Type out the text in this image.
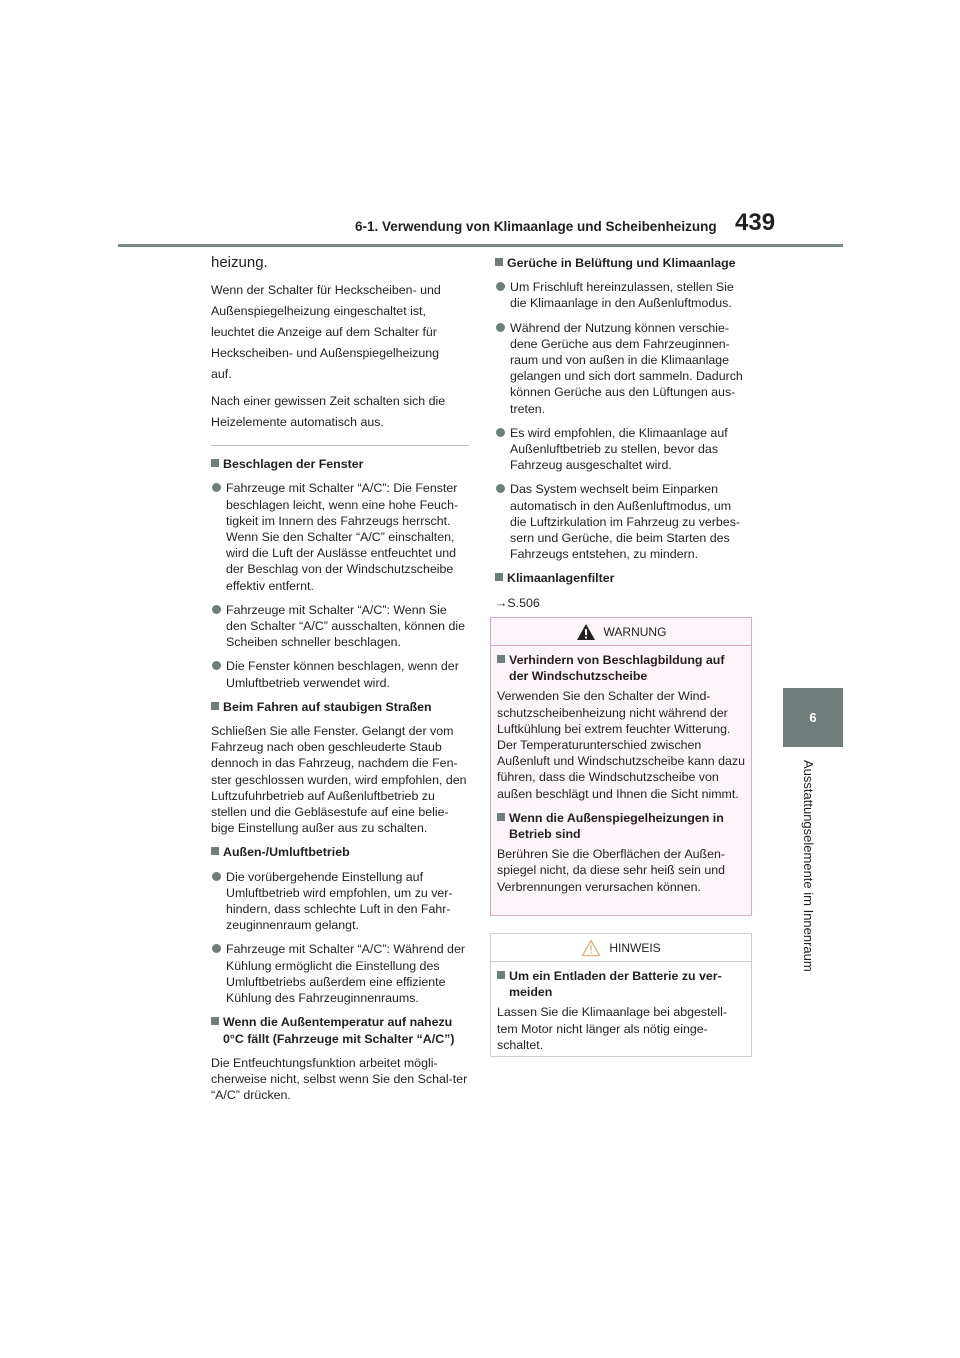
6-1. Verwendung von Klimaanlage und Scheibenheizung 439
6
Ausstattungselemente im Innenraum
heizung.
Wenn der Schalter für Heckscheiben- und
Außenspiegelheizung eingeschaltet ist,
leuchtet die Anzeige auf dem Schalter für
Heckscheiben- und Außenspiegelheizung
auf.
Nach einer gewissen Zeit schalten sich die
Heizelemente automatisch aus.
Beschlagen der Fenster
Fahrzeuge mit Schalter “A/C”: Die Fenster beschlagen leicht, wenn eine hohe Feuch-tigkeit im Innern des Fahrzeugs herrscht. Wenn Sie den Schalter “A/C” einschalten, wird die Luft der Auslässe entfeuchtet und der Beschlag von der Windschutzscheibe effektiv entfernt.
Fahrzeuge mit Schalter “A/C”: Wenn Sie den Schalter “A/C” ausschalten, können die Scheiben schneller beschlagen.
Die Fenster können beschlagen, wenn der Umluftbetrieb verwendet wird.
Beim Fahren auf staubigen Straßen
Schließen Sie alle Fenster. Gelangt der vom Fahrzeug nach oben geschleuderte Staub dennoch in das Fahrzeug, nachdem die Fen-ster geschlossen wurden, wird empfohlen, den Luftzufuhrbetrieb auf Außenluftbetrieb zu stellen und die Gebläsestufe auf eine belie-bige Einstellung außer aus zu schalten.
Außen-/Umluftbetrieb
Die vorübergehende Einstellung auf Umluftbetrieb wird empfohlen, um zu ver-hindern, dass schlechte Luft in den Fahr-zeuginnenraum gelangt.
Fahrzeuge mit Schalter “A/C”: Während der Kühlung ermöglicht die Einstellung des Umluftbetriebs außerdem eine effiziente Kühlung des Fahrzeuginnenraums.
Wenn die Außentemperatur auf nahezu 0°C fällt (Fahrzeuge mit Schalter “A/C”)
Die Entfeuchtungsfunktion arbeitet mögli-cherweise nicht, selbst wenn Sie den Schal-ter “A/C” drücken.
Gerüche in Belüftung und Klimaanlage
Um Frischluft hereinzulassen, stellen Sie die Klimaanlage in den Außenluftmodus.
Während der Nutzung können verschie-dene Gerüche aus dem Fahrzeuginnen-raum und von außen in die Klimaanlage gelangen und sich dort sammeln. Dadurch können Gerüche aus den Lüftungen aus-treten.
Es wird empfohlen, die Klimaanlage auf Außenluftbetrieb zu stellen, bevor das Fahrzeug ausgeschaltet wird.
Das System wechselt beim Einparken automatisch in den Außenluftmodus, um die Luftzirkulation im Fahrzeug zu verbes-sern und Gerüche, die beim Starten des Fahrzeugs entstehen, zu mindern.
Klimaanlagenfilter
→S.506
WARNUNG
Verhindern von Beschlagbildung auf der Windschutzscheibe
Verwenden Sie den Schalter der Wind-schutzscheibenheizung nicht während der Luftkühlung bei extrem feuchter Witterung. Der Temperaturunterschied zwischen Außenluft und Windschutzscheibe kann dazu führen, dass die Windschutzscheibe von außen beschlägt und Ihnen die Sicht nimmt.
Wenn die Außenspiegelheizungen in Betrieb sind
Berühren Sie die Oberflächen der Außen-spiegel nicht, da diese sehr heiß sein und Verbrennungen verursachen können.
HINWEIS
Um ein Entladen der Batterie zu ver-meiden
Lassen Sie die Klimaanlage bei abgestell-tem Motor nicht länger als nötig einge-schaltet.
